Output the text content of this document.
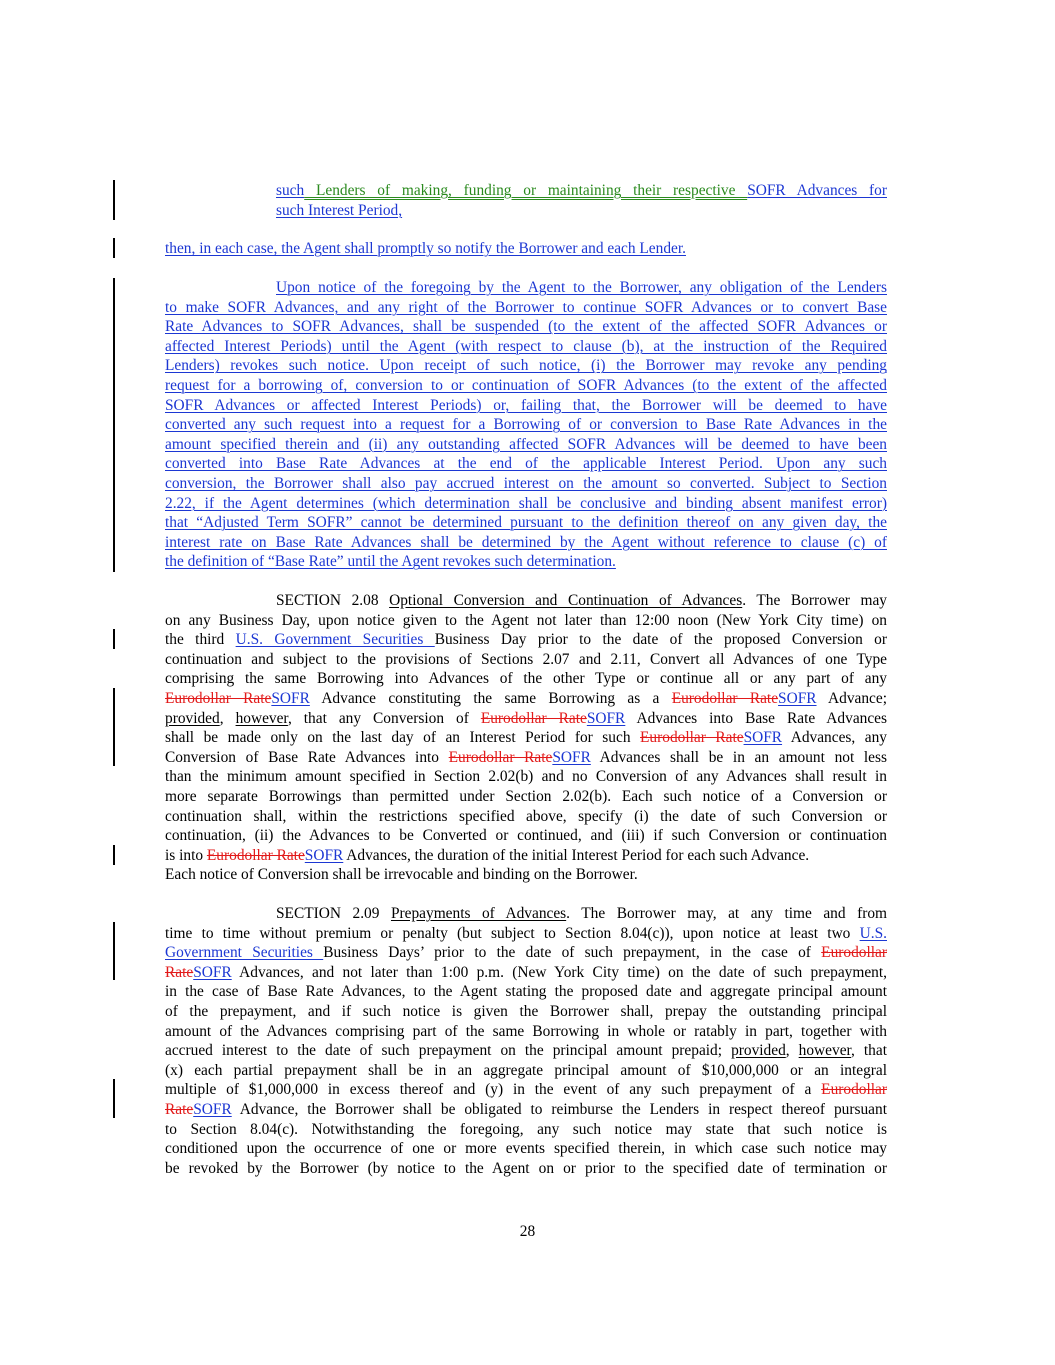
such Lenders of making, funding or maintaining their respective SOFR Advances for
such Interest Period,
then, in each case, the Agent shall promptly so notify the Borrower and each Lender.
Upon notice of the foregoing by the Agent to the Borrower, any obligation of the Lenders
to make SOFR Advances, and any right of the Borrower to continue SOFR Advances or to convert Base
Rate Advances to SOFR Advances, shall be suspended (to the extent of the affected SOFR Advances or
affected Interest Periods) until the Agent (with respect to clause (b), at the instruction of the Required
Lenders) revokes such notice. Upon receipt of such notice, (i) the Borrower may revoke any pending
request for a borrowing of, conversion to or continuation of SOFR Advances (to the extent of the affected
SOFR Advances or affected Interest Periods) or, failing that, the Borrower will be deemed to have
converted any such request into a request for a Borrowing of or conversion to Base Rate Advances in the
amount specified therein and (ii) any outstanding affected SOFR Advances will be deemed to have been
converted into Base Rate Advances at the end of the applicable Interest Period. Upon any such
conversion, the Borrower shall also pay accrued interest on the amount so converted. Subject to Section
2.22, if the Agent determines (which determination shall be conclusive and binding absent manifest error)
that “Adjusted Term SOFR” cannot be determined pursuant to the definition thereof on any given day, the
interest rate on Base Rate Advances shall be determined by the Agent without reference to clause (c) of
the definition of “Base Rate” until the Agent revokes such determination.
SECTION 2.08 Optional Conversion and Continuation of Advances. The Borrower may
on any Business Day, upon notice given to the Agent not later than 12:00 noon (New York City time) on
the third U.S. Government Securities Business Day prior to the date of the proposed Conversion or
continuation and subject to the provisions of Sections 2.07 and 2.11, Convert all Advances of one Type
comprising the same Borrowing into Advances of the other Type or continue all or any part of any
Eurodollar RateSOFR Advance constituting the same Borrowing as a Eurodollar RateSOFR Advance;
provided, however, that any Conversion of Eurodollar RateSOFR Advances into Base Rate Advances
shall be made only on the last day of an Interest Period for such Eurodollar RateSOFR Advances, any
Conversion of Base Rate Advances into Eurodollar RateSOFR Advances shall be in an amount not less
than the minimum amount specified in Section 2.02(b) and no Conversion of any Advances shall result in
more separate Borrowings than permitted under Section 2.02(b). Each such notice of a Conversion or
continuation shall, within the restrictions specified above, specify (i) the date of such Conversion or
continuation, (ii) the Advances to be Converted or continued, and (iii) if such Conversion or continuation
is into Eurodollar RateSOFR Advances, the duration of the initial Interest Period for each such Advance.
Each notice of Conversion shall be irrevocable and binding on the Borrower.
SECTION 2.09 Prepayments of Advances. The Borrower may, at any time and from
time to time without premium or penalty (but subject to Section 8.04(c)), upon notice at least two U.S.
Government Securities Business Days’ prior to the date of such prepayment, in the case of Eurodollar
RateSOFR Advances, and not later than 1:00 p.m. (New York City time) on the date of such prepayment,
in the case of Base Rate Advances, to the Agent stating the proposed date and aggregate principal amount
of the prepayment, and if such notice is given the Borrower shall, prepay the outstanding principal
amount of the Advances comprising part of the same Borrowing in whole or ratably in part, together with
accrued interest to the date of such prepayment on the principal amount prepaid; provided, however, that
(x) each partial prepayment shall be in an aggregate principal amount of $10,000,000 or an integral
multiple of $1,000,000 in excess thereof and (y) in the event of any such prepayment of a Eurodollar
RateSOFR Advance, the Borrower shall be obligated to reimburse the Lenders in respect thereof pursuant
to Section 8.04(c). Notwithstanding the foregoing, any such notice may state that such notice is
conditioned upon the occurrence of one or more events specified therein, in which case such notice may
be revoked by the Borrower (by notice to the Agent on or prior to the specified date of termination or
28
